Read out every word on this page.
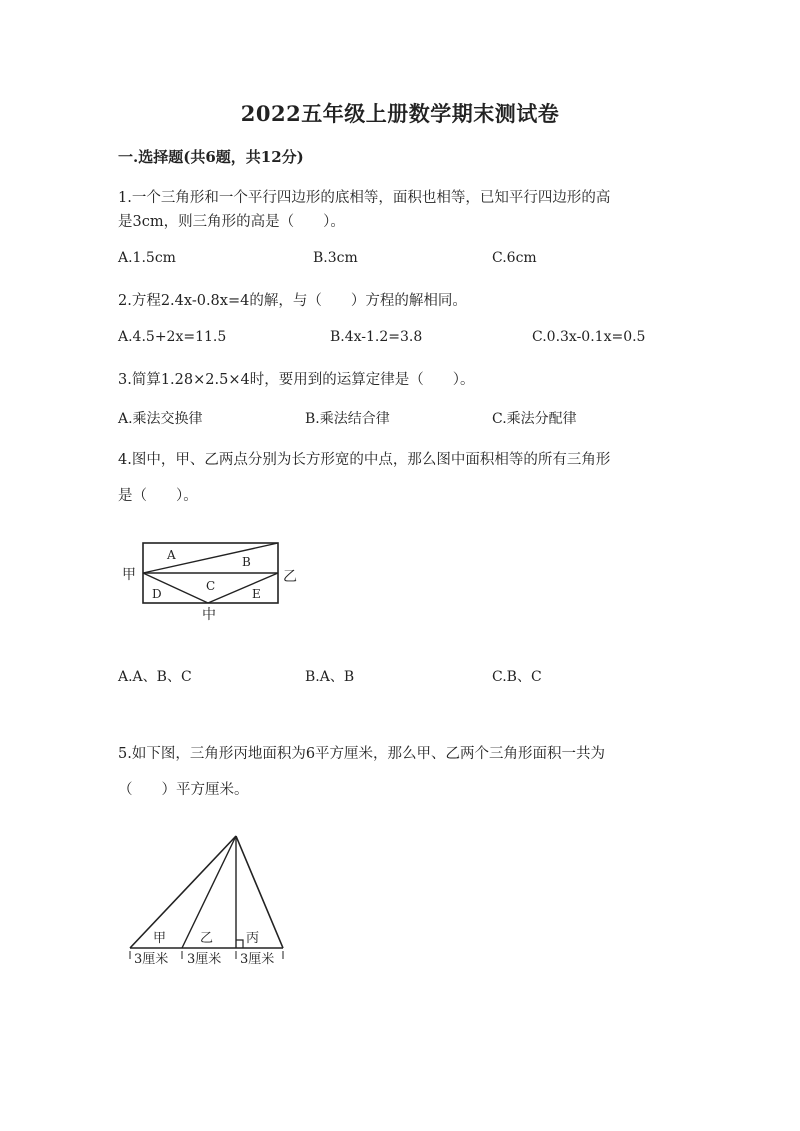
2022五年级上册数学期末测试卷
一.选择题(共6题，共12分)
1.一个三角形和一个平行四边形的底相等，面积也相等，已知平行四边形的高
是3cm，则三角形的高是（　　）。
A.1.5cm	B.3cm	C.6cm
2.方程2.4x-0.8x=4的解，与（　　）方程的解相同。
A.4.5+2x=11.5	B.4x-1.2=3.8	C.0.3x-0.1x=0.5
3.简算1.28×2.5×4时，要用到的运算定律是（　　）。
A.乘法交换律	B.乘法结合律	C.乘法分配律
4.图中，甲、乙两点分别为长方形宽的中点，那么图中面积相等的所有三角形
是（　　）。
甲	乙
中
A	B
C
D	E
A.A、B、C	B.A、B	C.B、C
5.如下图，三角形丙地面积为6平方厘米，那么甲、乙两个三角形面积一共为
（　　）平方厘米。
甲	乙	丙
3厘米 3厘米 3厘米
